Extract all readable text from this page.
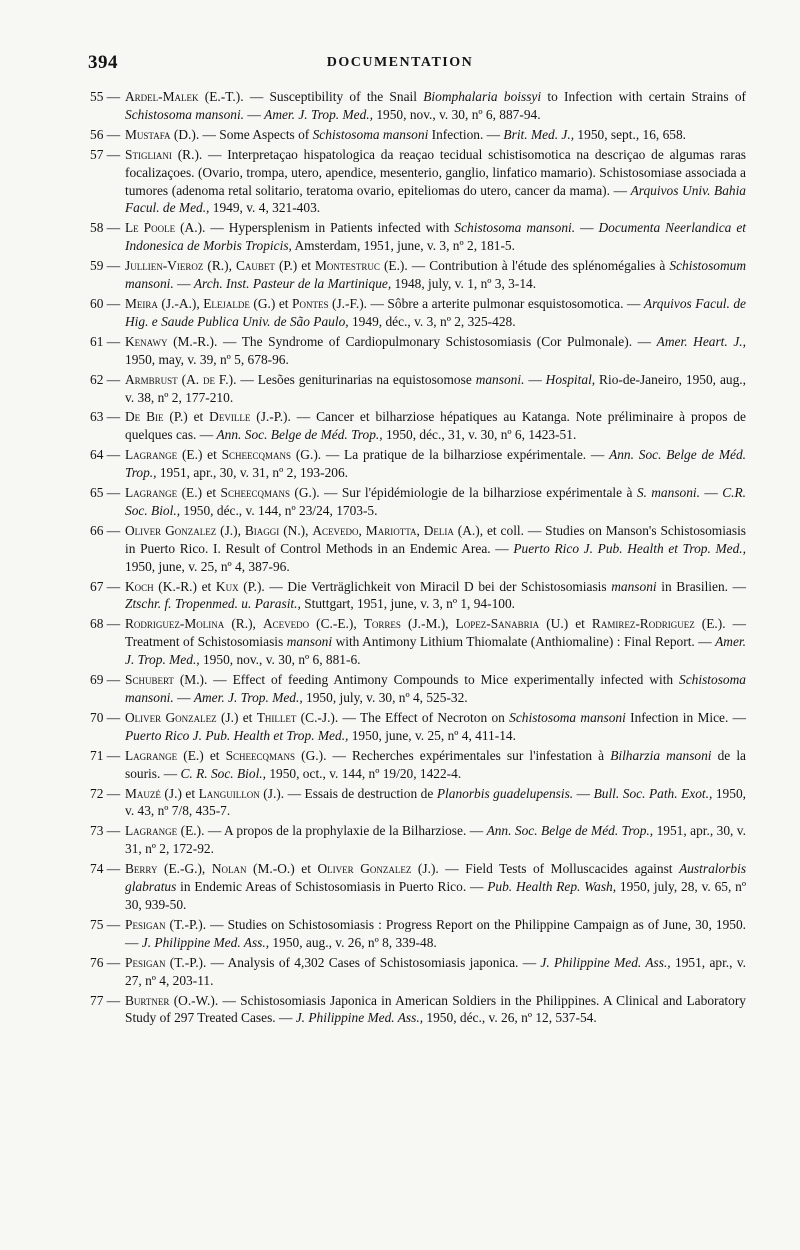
394	DOCUMENTATION
55 — Ardel-Malek (E.-T.). — Susceptibility of the Snail Biomphalaria boissyi to Infection with certain Strains of Schistosoma mansoni. — Amer. J. Trop. Med., 1950, nov., v. 30, nº 6, 887-94.
56 — Mustafa (D.). — Some Aspects of Schistosoma mansoni Infection. — Brit. Med. J., 1950, sept., 16, 658.
57 — Stigliani (R.). — Interpretaçao hispatologica da reaçao tecidual schistisomotica na descriçao de algumas raras focalizaçoes. (Ovario, trompa, utero, apendice, mesenterio, ganglio, linfatico mamario). Schistosomiase associada a tumores (adenoma retal solitario, teratoma ovario, epiteliomas do utero, cancer da mama). — Arquivos Univ. Bahia Facul. de Med., 1949, v. 4, 321-403.
58 — Le Poole (A.). — Hypersplenism in Patients infected with Schistosoma mansoni. — Documenta Neerlandica et Indonesica de Morbis Tropicis, Amsterdam, 1951, june, v. 3, nº 2, 181-5.
59 — Jullien-Vieroz (R.), Caubet (P.) et Montestruc (E.). — Contribution à l'étude des splénomégalies à Schistosomum mansoni. — Arch. Inst. Pasteur de la Martinique, 1948, july, v. 1, nº 3, 3-14.
60 — Meira (J.-A.), Elejalde (G.) et Pontes (J.-F.). — Sôbre a arterite pulmonar esquistosomotica. — Arquivos Facul. de Hig. e Saude Publica Univ. de São Paulo, 1949, déc., v. 3, nº 2, 325-428.
61 — Kenawy (M.-R.). — The Syndrome of Cardiopulmonary Schistosomiasis (Cor Pulmonale). — Amer. Heart. J., 1950, may, v. 39, nº 5, 678-96.
62 — Armbrust (A. de F.). — Lesões geniturinarias na equistosomose mansoni. — Hospital, Rio-de-Janeiro, 1950, aug., v. 38, nº 2, 177-210.
63 — De Bie (P.) et Deville (J.-P.). — Cancer et bilharziose hépatiques au Katanga. Note préliminaire à propos de quelques cas. — Ann. Soc. Belge de Méd. Trop., 1950, déc., 31, v. 30, nº 6, 1423-51.
64 — Lagrange (E.) et Scheecqmans (G.). — La pratique de la bilharziose expérimentale. — Ann. Soc. Belge de Méd. Trop., 1951, apr., 30, v. 31, nº 2, 193-206.
65 — Lagrange (E.) et Scheecqmans (G.). — Sur l'épidémiologie de la bilharziose expérimentale à S. mansoni. — C.R. Soc. Biol., 1950, déc., v. 144, nº 23/24, 1703-5.
66 — Oliver Gonzalez (J.), Biaggi (N.), Acevedo, Mariotta, Delia (A.), et coll. — Studies on Manson's Schistosomiasis in Puerto Rico. I. Result of Control Methods in an Endemic Area. — Puerto Rico J. Pub. Health et Trop. Med., 1950, june, v. 25, nº 4, 387-96.
67 — Koch (K.-R.) et Kux (P.). — Die Verträglichkeit von Miracil D bei der Schistosomiasis mansoni in Brasilien. — Ztschr. f. Tropenmed. u. Parasit., Stuttgart, 1951, june, v. 3, nº 1, 94-100.
68 — Rodriguez-Molina (R.), Acevedo (C.-E.), Torres (J.-M.), Lopez-Sanabria (U.) et Ramirez-Rodriguez (E.). — Treatment of Schistosomiasis mansoni with Antimony Lithium Thiomalate (Anthiomaline) : Final Report. — Amer. J. Trop. Med., 1950, nov., v. 30, nº 6, 881-6.
69 — Schubert (M.). — Effect of feeding Antimony Compounds to Mice experimentally infected with Schistosoma mansoni. — Amer. J. Trop. Med., 1950, july, v. 30, nº 4, 525-32.
70 — Oliver Gonzalez (J.) et Thillet (C.-J.). — The Effect of Necroton on Schistosoma mansoni Infection in Mice. — Puerto Rico J. Pub. Health et Trop. Med., 1950, june, v. 25, nº 4, 411-14.
71 — Lagrange (E.) et Scheecqmans (G.). — Recherches expérimentales sur l'infestation à Bilharzia mansoni de la souris. — C. R. Soc. Biol., 1950, oct., v. 144, nº 19/20, 1422-4.
72 — Mauzé (J.) et Languillon (J.). — Essais de destruction de Planorbis guadelupensis. — Bull. Soc. Path. Exot., 1950, v. 43, nº 7/8, 435-7.
73 — Lagrange (E.). — A propos de la prophylaxie de la Bilharziose. — Ann. Soc. Belge de Méd. Trop., 1951, apr., 30, v. 31, nº 2, 172-92.
74 — Berry (E.-G.), Nolan (M.-O.) et Oliver Gonzalez (J.). — Field Tests of Molluscacides against Australorbis glabratus in Endemic Areas of Schistosomiasis in Puerto Rico. — Pub. Health Rep. Wash, 1950, july, 28, v. 65, nº 30, 939-50.
75 — Pesigan (T.-P.). — Studies on Schistosomiasis : Progress Report on the Philippine Campaign as of June, 30, 1950. — J. Philippine Med. Ass., 1950, aug., v. 26, nº 8, 339-48.
76 — Pesigan (T.-P.). — Analysis of 4,302 Cases of Schistosomiasis japonica. — J. Philippine Med. Ass., 1951, apr., v. 27, nº 4, 203-11.
77 — Burtner (O.-W.). — Schistosomiasis Japonica in American Soldiers in the Philippines. A Clinical and Laboratory Study of 297 Treated Cases. — J. Philippine Med. Ass., 1950, déc., v. 26, nº 12, 537-54.
